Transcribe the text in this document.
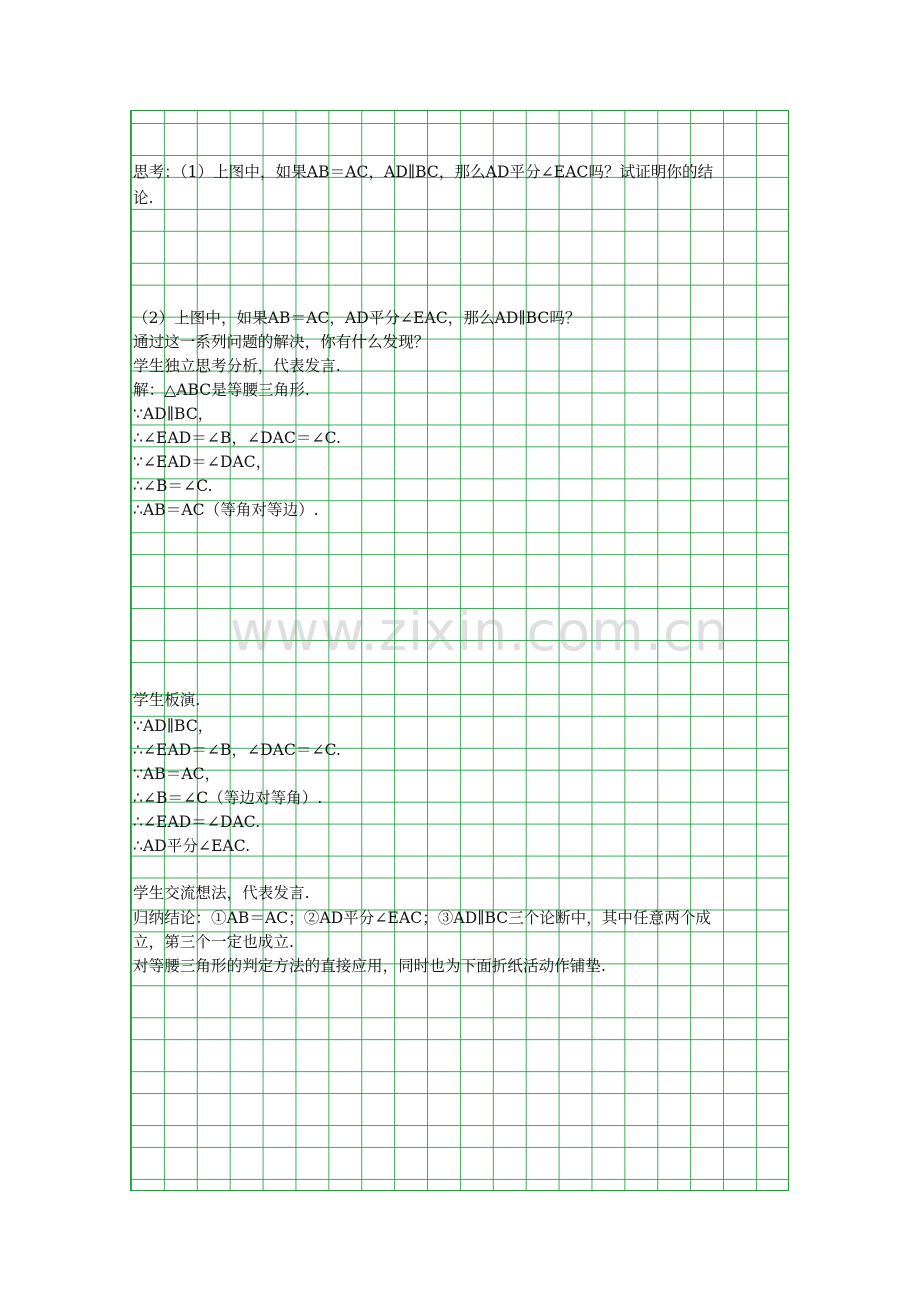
思考：（1）上图中，如果AB＝AC，AD∥BC，那么AD平分∠EAC吗？试证明你的结
论.
（2）上图中，如果AB＝AC，AD平分∠EAC，那么AD∥BC吗？
通过这一系列问题的解决，你有什么发现？
学生独立思考分析，代表发言.
解：△ABC是等腰三角形.
∵AD∥BC，
∴∠EAD＝∠B，∠DAC＝∠C.
∵∠EAD＝∠DAC，
∴∠B＝∠C.
∴AB＝AC（等角对等边）.
学生板演.
∵AD∥BC，
∴∠EAD＝∠B，∠DAC＝∠C.
∵AB＝AC，
∴∠B＝∠C（等边对等角）.
∴∠EAD＝∠DAC.
∴AD平分∠EAC.
学生交流想法，代表发言.
归纳结论：①AB＝AC；②AD平分∠EAC；③AD∥BC三个论断中，其中任意两个成
立，第三个一定也成立.
对等腰三角形的判定方法的直接应用，同时也为下面折纸活动作铺垫.
www.zixin.com.cn
